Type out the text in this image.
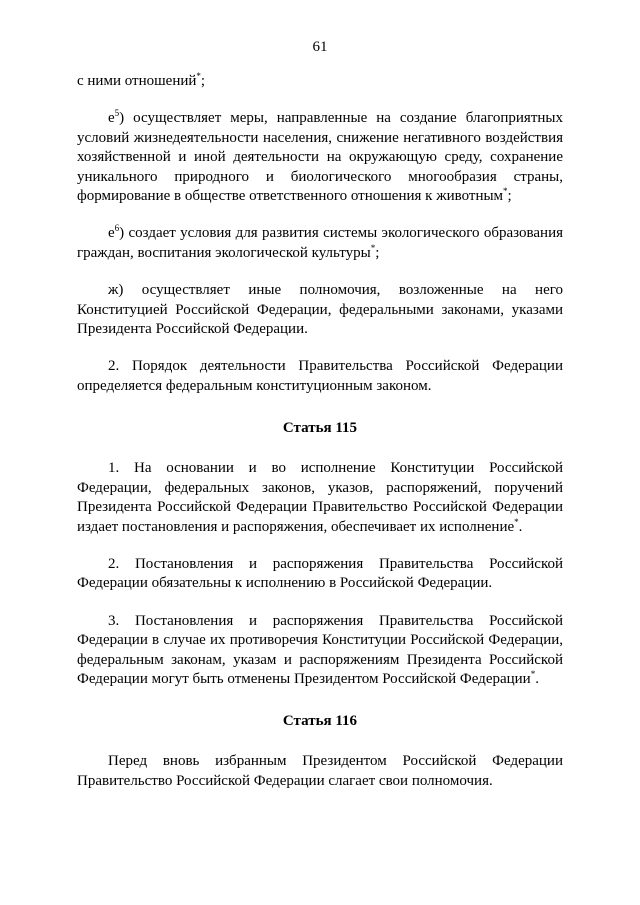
61

с ними отношений*;

$е^5$) осуществляет меры, направленные на создание благоприятных условий жизнедеятельности населения, снижение негативного воздействия хозяйственной и иной деятельности на окружающую среду, сохранение уникального природного и биологического многообразия страны, формирование в обществе ответственного отношения к животным*;

$е^6$) создает условия для развития системы экологического образования граждан, воспитания экологической культуры*;

ж) осуществляет иные полномочия, возложенные на него Конституцией Российской Федерации, федеральными законами, указами Президента Российской Федерации.

2. Порядок деятельности Правительства Российской Федерации определяется федеральным конституционным законом.

Статья 115

1. На основании и во исполнение Конституции Российской Федерации, федеральных законов, указов, распоряжений, поручений Президента Российской Федерации Правительство Российской Федерации издает постановления и распоряжения, обеспечивает их исполнение*.

2. Постановления и распоряжения Правительства Российской Федерации обязательны к исполнению в Российской Федерации.

3. Постановления и распоряжения Правительства Российской Федерации в случае их противоречия Конституции Российской Федерации, федеральным законам, указам и распоряжениям Президента Российской Федерации могут быть отменены Президентом Российской Федерации*.

Статья 116

Перед вновь избранным Президентом Российской Федерации Правительство Российской Федерации слагает свои полномочия.
